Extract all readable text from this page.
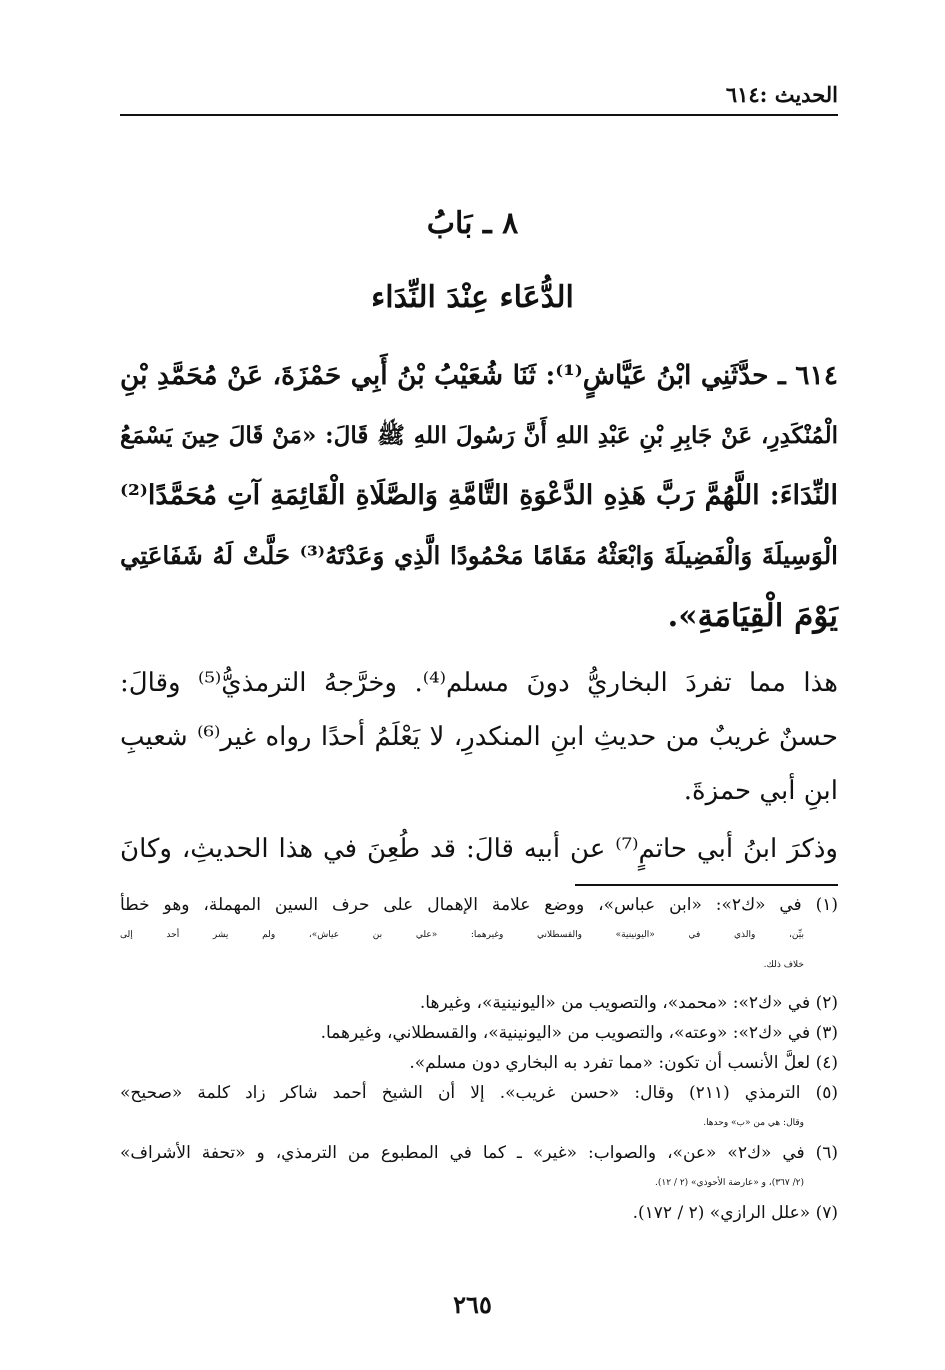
الحديث :٦١٤
٨ ـ بَابُ
الدُّعَاء عِنْدَ النِّدَاء
٦١٤ ـ حدَّثَنِي ابْنُ عَيَّاشٍ⁽¹⁾: ثَنَا شُعَيْبُ بْنُ أَبِي حَمْزَةَ، عَنْ مُحَمَّدِ بْنِ
الْمُنْكَدِرِ، عَنْ جَابِرِ بْنِ عَبْدِ اللهِ أَنَّ رَسُولَ اللهِ ﷺ قَالَ: «مَنْ قَالَ حِينَ يَسْمَعُ
النِّدَاءَ: اللَّهُمَّ رَبَّ هَذِهِ الدَّعْوَةِ التَّامَّةِ وَالصَّلَاةِ الْقَائِمَةِ آتِ مُحَمَّدًا⁽²⁾
الْوَسِيلَةَ وَالْفَضِيلَةَ وَابْعَثْهُ مَقَامًا مَحْمُودًا الَّذِي وَعَدْتَهُ⁽³⁾ حَلَّتْ لَهُ شَفَاعَتِي
يَوْمَ الْقِيَامَةِ».
هذا مما تفردَ البخاريُّ دونَ مسلم⁽⁴⁾. وخرَّجهُ الترمذيُّ⁽⁵⁾ وقالَ:
حسنٌ غريبٌ من حديثِ ابنِ المنكدرِ، لا يَعْلَمُ أحدًا رواه غير⁽⁶⁾ شعيبِ
ابنِ أبي حمزةَ.
وذكرَ ابنُ أبي حاتمٍ⁽⁷⁾ عن أبيه قالَ: قد طُعِنَ في هذا الحديثِ، وكانَ
(١) في «ك٢»: «ابن عباس»، ووضع علامة الإهمال على حرف السين المهملة، وهو خطأ
بيِّن، والذي في «اليونينية» والقسطلاني وغيرهما: «علي بن عياش»، ولم يشر أحد إلى
خلاف ذلك.
(٢) في «ك٢»: «محمد»، والتصويب من «اليونينية»، وغيرها.
(٣) في «ك٢»: «وعته»، والتصويب من «اليونينية»، والقسطلاني، وغيرهما.
(٤) لعلَّ الأنسب أن تكون: «مما تفرد به البخاري دون مسلم».
(٥) الترمذي (٢١١) وقال: «حسن غريب». إلا أن الشيخ أحمد شاكر زاد كلمة «صحيح»
وقال: هي من «ب» وحدها.
(٦) في «ك٢» «عن»، والصواب: «غير» ـ كما في المطبوع من الترمذي، و «تحفة الأشراف»
(٢/ ٣٦٧)، و «عارضة الأحوذي» (٢ / ١٢).
(٧) «علل الرازي» (٢ / ١٧٢).
٢٦٥
